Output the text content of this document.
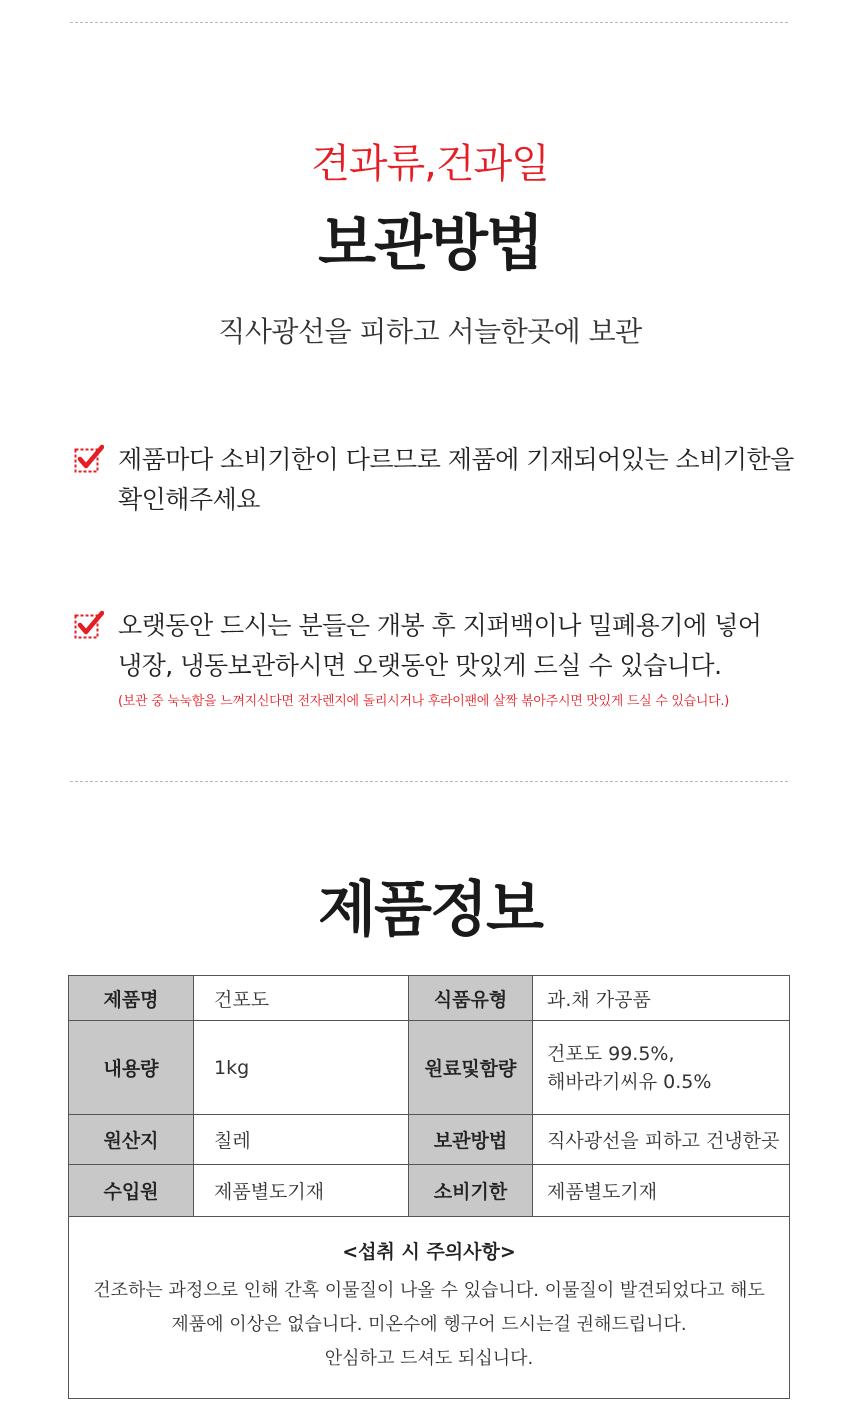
견과류,건과일
보관방법
직사광선을 피하고 서늘한곳에 보관
제품마다 소비기한이 다르므로 제품에 기재되어있는 소비기한을
확인해주세요
오랫동안 드시는 분들은 개봉 후 지퍼백이나 밀폐용기에 넣어
냉장, 냉동보관하시면 오랫동안 맛있게 드실 수 있습니다.
(보관 중 눅눅함을 느껴지신다면 전자렌지에 돌리시거나 후라이팬에 살짝 볶아주시면 맛있게 드실 수 있습니다.)
제품정보
제품명	건포도	식품유형	과.채 가공품
내용량	1kg	원료및함량	건포도 99.5%,
해바라기씨유 0.5%

원산지	칠레	보관방법	직사광선을 피하고 건냉한곳
수입원	제품별도기재	소비기한	제품별도기재

<섭취 시 주의사항>
건조하는 과정으로 인해 간혹 이물질이 나올 수 있습니다. 이물질이 발견되었다고 해도
제품에 이상은 없습니다. 미온수에 헹구어 드시는걸 권해드립니다.
안심하고 드셔도 되십니다.			
